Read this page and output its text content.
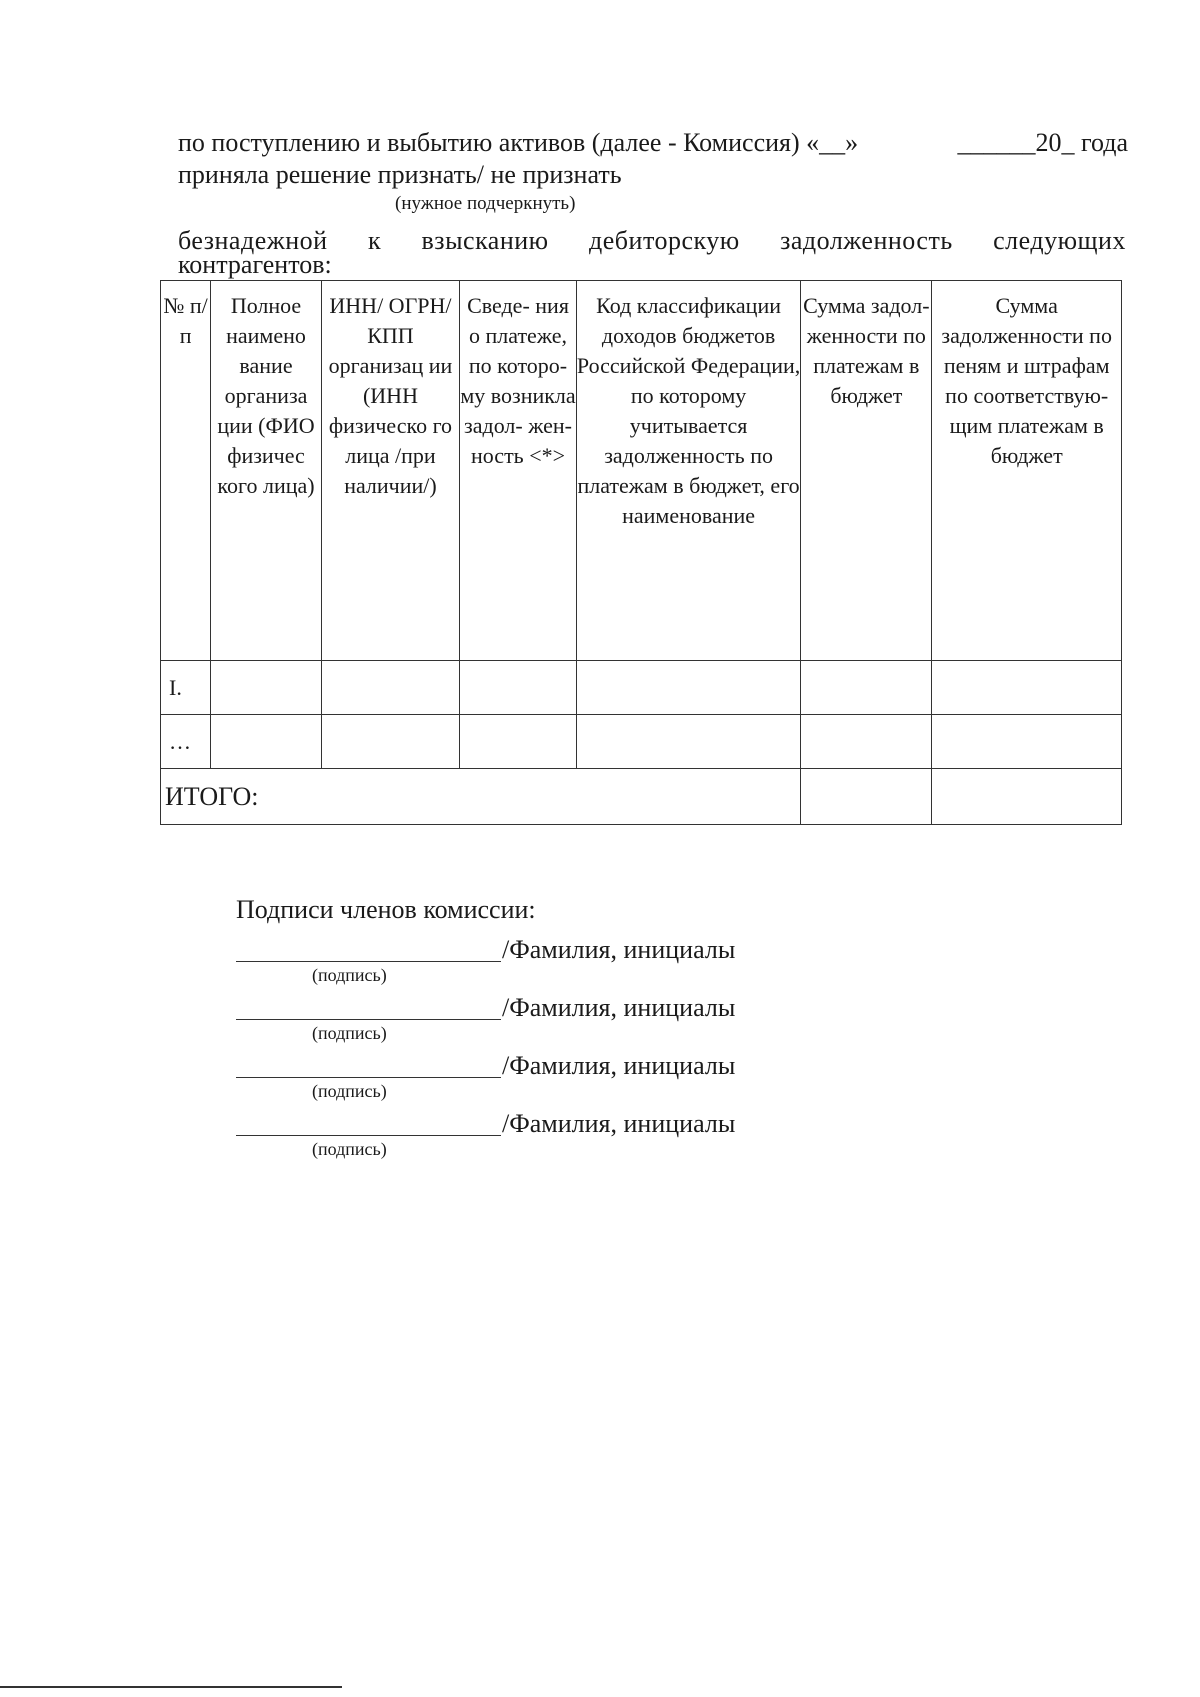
по поступлению и выбытию активов (далее - Комиссия) «__»	______20_ года
приняла решение признать/ не признать
(нужное подчеркнуть)
безнадежной к взысканию дебиторскую задолженность следующих
контрагентов:
№ п/п	Полное наимено вание организа ции (ФИО физичес кого лица)	ИНН/ ОГРН/ КПП организац ии (ИНН физическо го лица /при наличии/)	Сведе- ния о платеже, по которо- му возникла задол- жен- ность <*>	Код классификации доходов бюджетов Российской Федерации, по которому учитывается задолженность по платежам в бюджет, его наименование	Сумма задол- женности по платежам в бюджет	Сумма задолженности по пеням и штрафам по соответствую- щим платежам в бюджет
I.						
…						
ИТОГО:						
Подписи членов комиссии:
/Фамилия, инициалы
(подпись)
/Фамилия, инициалы
(подпись)
/Фамилия, инициалы
(подпись)
/Фамилия, инициалы
(подпись)
